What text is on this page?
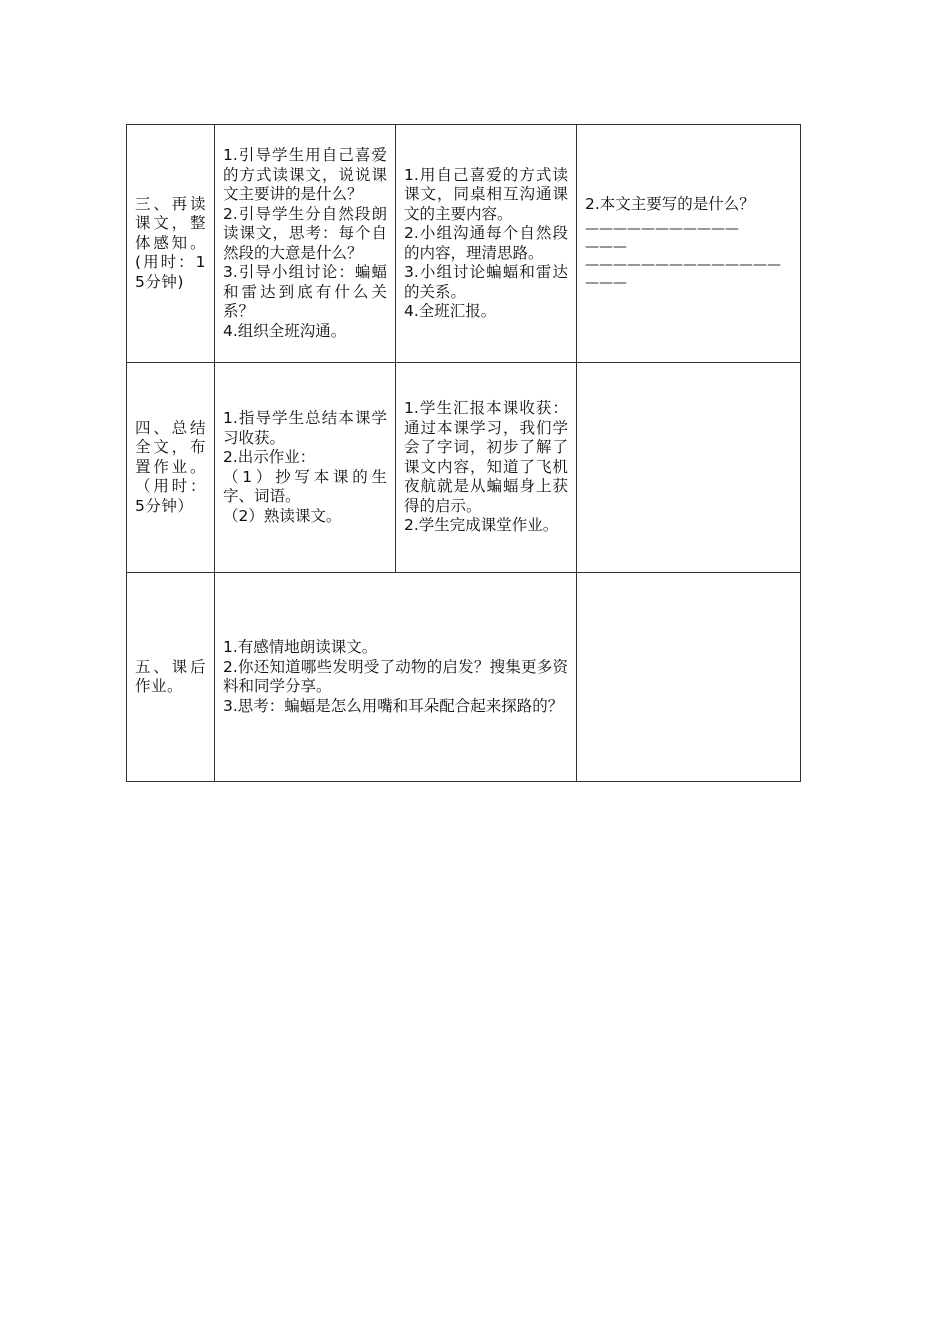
三、再读课文，整体感知。(用时：15分钟)	1.引导学生用自己喜爱的方式读课文，说说课文主要讲的是什么？
2.引导学生分自然段朗读课文，思考：每个自然段的大意是什么？
3.引导小组讨论：蝙蝠和雷达到底有什么关系？
4.组织全班沟通。	1.用自己喜爱的方式读课文，同桌相互沟通课文的主要内容。
2.小组沟通每个自然段的内容，理清思路。
3.小组讨论蝙蝠和雷达的关系。
4.全班汇报。	2.本文主要写的是什么？
———————————
———
——————————————
———

四、总结全文，布置作业。（用时：5分钟）	1.指导学生总结本课学习收获。
2.出示作业：
（1）抄写本课的生字、词语。
（2）熟读课文。	1.学生汇报本课收获：通过本课学习，我们学会了字词，初步了解了课文内容，知道了飞机夜航就是从蝙蝠身上获得的启示。
2.学生完成课堂作业。	

五、课后作业。	1.有感情地朗读课文。
2.你还知道哪些发明受了动物的启发？搜集更多资料和同学分享。
3.思考：蝙蝠是怎么用嘴和耳朵配合起来探路的？		
